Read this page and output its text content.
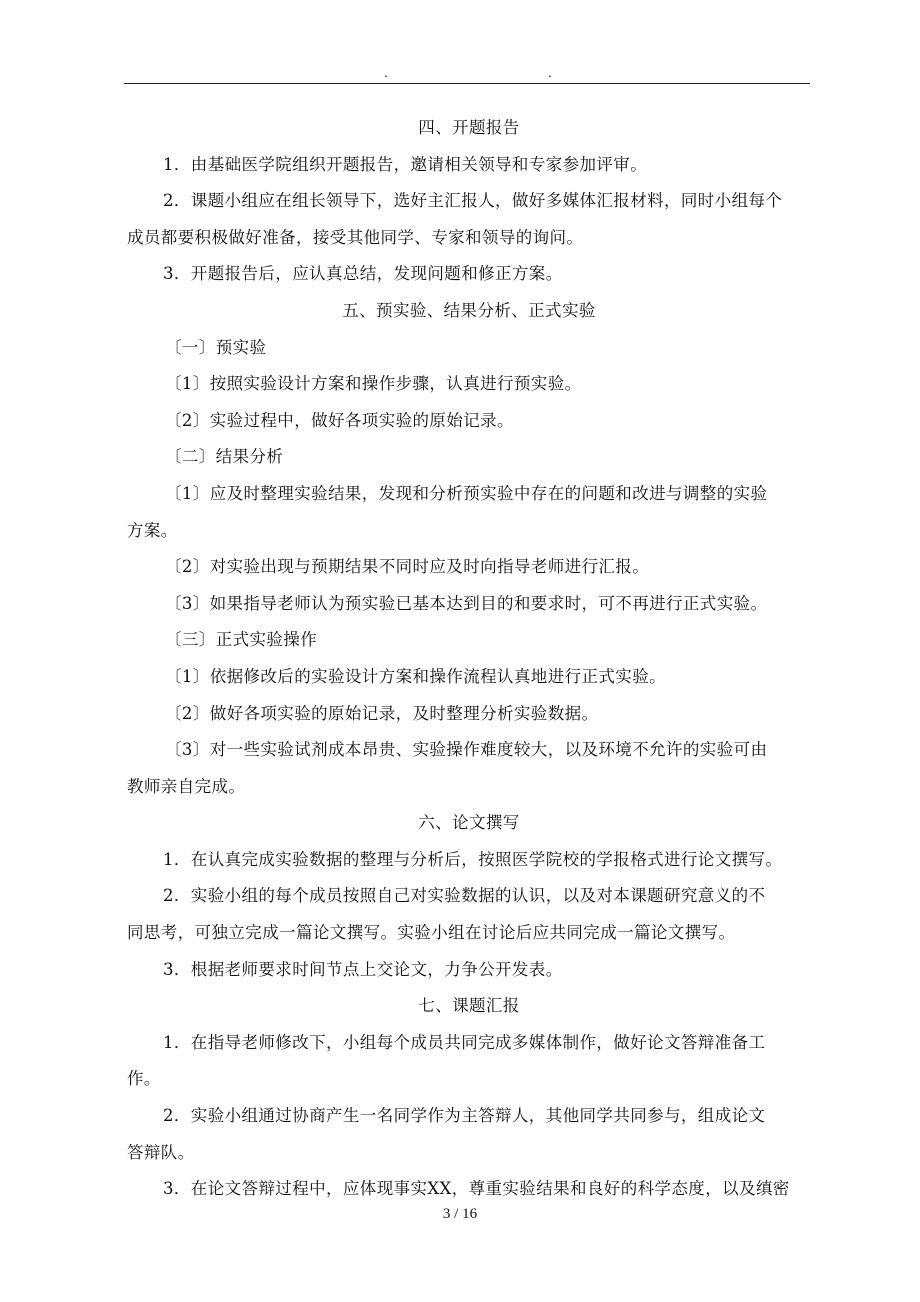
.	.
四、开题报告
1．由基础医学院组织开题报告，邀请相关领导和专家参加评审。
2．课题小组应在组长领导下，选好主汇报人，做好多媒体汇报材料，同时小组每个
成员都要积极做好准备，接受其他同学、专家和领导的询问。
3．开题报告后，应认真总结，发现问题和修正方案。
五、预实验、结果分析、正式实验
〔一〕预实验
〔1〕按照实验设计方案和操作步骤，认真进行预实验。
〔2〕实验过程中，做好各项实验的原始记录。
〔二〕结果分析
〔1〕应及时整理实验结果，发现和分析预实验中存在的问题和改进与调整的实验
方案。
〔2〕对实验出现与预期结果不同时应及时向指导老师进行汇报。
〔3〕如果指导老师认为预实验已基本达到目的和要求时，可不再进行正式实验。
〔三〕正式实验操作
〔1〕依据修改后的实验设计方案和操作流程认真地进行正式实验。
〔2〕做好各项实验的原始记录，及时整理分析实验数据。
〔3〕对一些实验试剂成本昂贵、实验操作难度较大，以及环境不允许的实验可由
教师亲自完成。
六、论文撰写
1．在认真完成实验数据的整理与分析后，按照医学院校的学报格式进行论文撰写。
2．实验小组的每个成员按照自己对实验数据的认识，以及对本课题研究意义的不
同思考，可独立完成一篇论文撰写。实验小组在讨论后应共同完成一篇论文撰写。
3．根据老师要求时间节点上交论文，力争公开发表。
七、课题汇报
1．在指导老师修改下，小组每个成员共同完成多媒体制作，做好论文答辩准备工
作。
2．实验小组通过协商产生一名同学作为主答辩人，其他同学共同参与，组成论文
答辩队。
3．在论文答辩过程中，应体现事实XX，尊重实验结果和良好的科学态度，以及缜密
3 / 16
